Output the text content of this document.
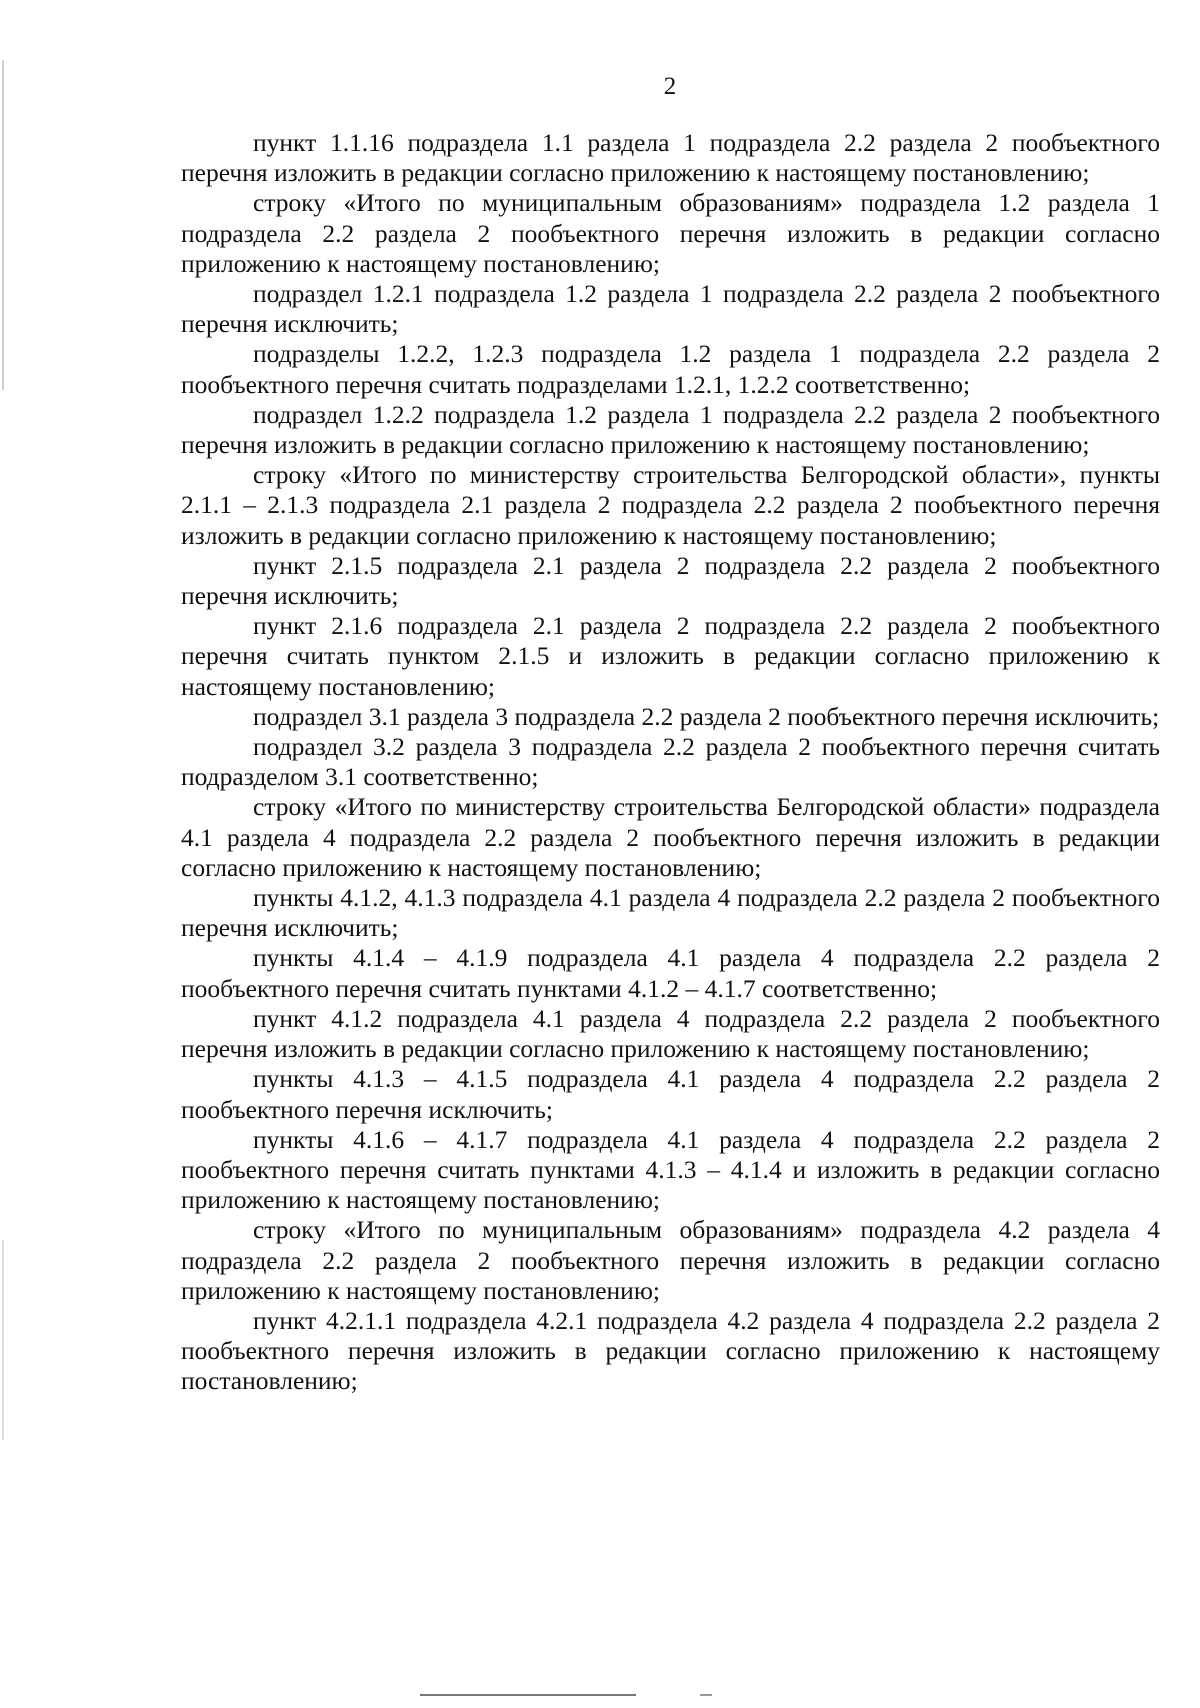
2

пункт 1.1.16 подраздела 1.1 раздела 1 подраздела 2.2 раздела 2 пообъектного перечня изложить в редакции согласно приложению к настоящему постановлению;

строку «Итого по муниципальным образованиям» подраздела 1.2 раздела 1 подраздела 2.2 раздела 2 пообъектного перечня изложить в редакции согласно приложению к настоящему постановлению;

подраздел 1.2.1 подраздела 1.2 раздела 1 подраздела 2.2 раздела 2 пообъектного перечня исключить;

подразделы 1.2.2, 1.2.3 подраздела 1.2 раздела 1 подраздела 2.2 раздела 2 пообъектного перечня считать подразделами 1.2.1, 1.2.2 соответственно;

подраздел 1.2.2 подраздела 1.2 раздела 1 подраздела 2.2 раздела 2 пообъектного перечня изложить в редакции согласно приложению к настоящему постановлению;

строку «Итого по министерству строительства Белгородской области», пункты 2.1.1 – 2.1.3 подраздела 2.1 раздела 2 подраздела 2.2 раздела 2 пообъектного перечня изложить в редакции согласно приложению к настоящему постановлению;

пункт 2.1.5 подраздела 2.1 раздела 2 подраздела 2.2 раздела 2 пообъектного перечня исключить;

пункт 2.1.6 подраздела 2.1 раздела 2 подраздела 2.2 раздела 2 пообъектного перечня считать пунктом 2.1.5 и изложить в редакции согласно приложению к настоящему постановлению;

подраздел 3.1 раздела 3 подраздела 2.2 раздела 2 пообъектного перечня исключить;

подраздел 3.2 раздела 3 подраздела 2.2 раздела 2 пообъектного перечня считать подразделом 3.1 соответственно;

строку «Итого по министерству строительства Белгородской области» подраздела 4.1 раздела 4 подраздела 2.2 раздела 2 пообъектного перечня изложить в редакции согласно приложению к настоящему постановлению;

пункты 4.1.2, 4.1.3 подраздела 4.1 раздела 4 подраздела 2.2 раздела 2 пообъектного перечня исключить;

пункты 4.1.4 – 4.1.9 подраздела 4.1 раздела 4 подраздела 2.2 раздела 2 пообъектного перечня считать пунктами 4.1.2 – 4.1.7 соответственно;

пункт 4.1.2 подраздела 4.1 раздела 4 подраздела 2.2 раздела 2 пообъектного перечня изложить в редакции согласно приложению к настоящему постановлению;

пункты 4.1.3 – 4.1.5 подраздела 4.1 раздела 4 подраздела 2.2 раздела 2 пообъектного перечня исключить;

пункты 4.1.6 – 4.1.7 подраздела 4.1 раздела 4 подраздела 2.2 раздела 2 пообъектного перечня считать пунктами 4.1.3 – 4.1.4 и изложить в редакции согласно приложению к настоящему постановлению;

строку «Итого по муниципальным образованиям» подраздела 4.2 раздела 4 подраздела 2.2 раздела 2 пообъектного перечня изложить в редакции согласно приложению к настоящему постановлению;

пункт 4.2.1.1 подраздела 4.2.1 подраздела 4.2 раздела 4 подраздела 2.2 раздела 2 пообъектного перечня изложить в редакции согласно приложению к настоящему постановлению;
